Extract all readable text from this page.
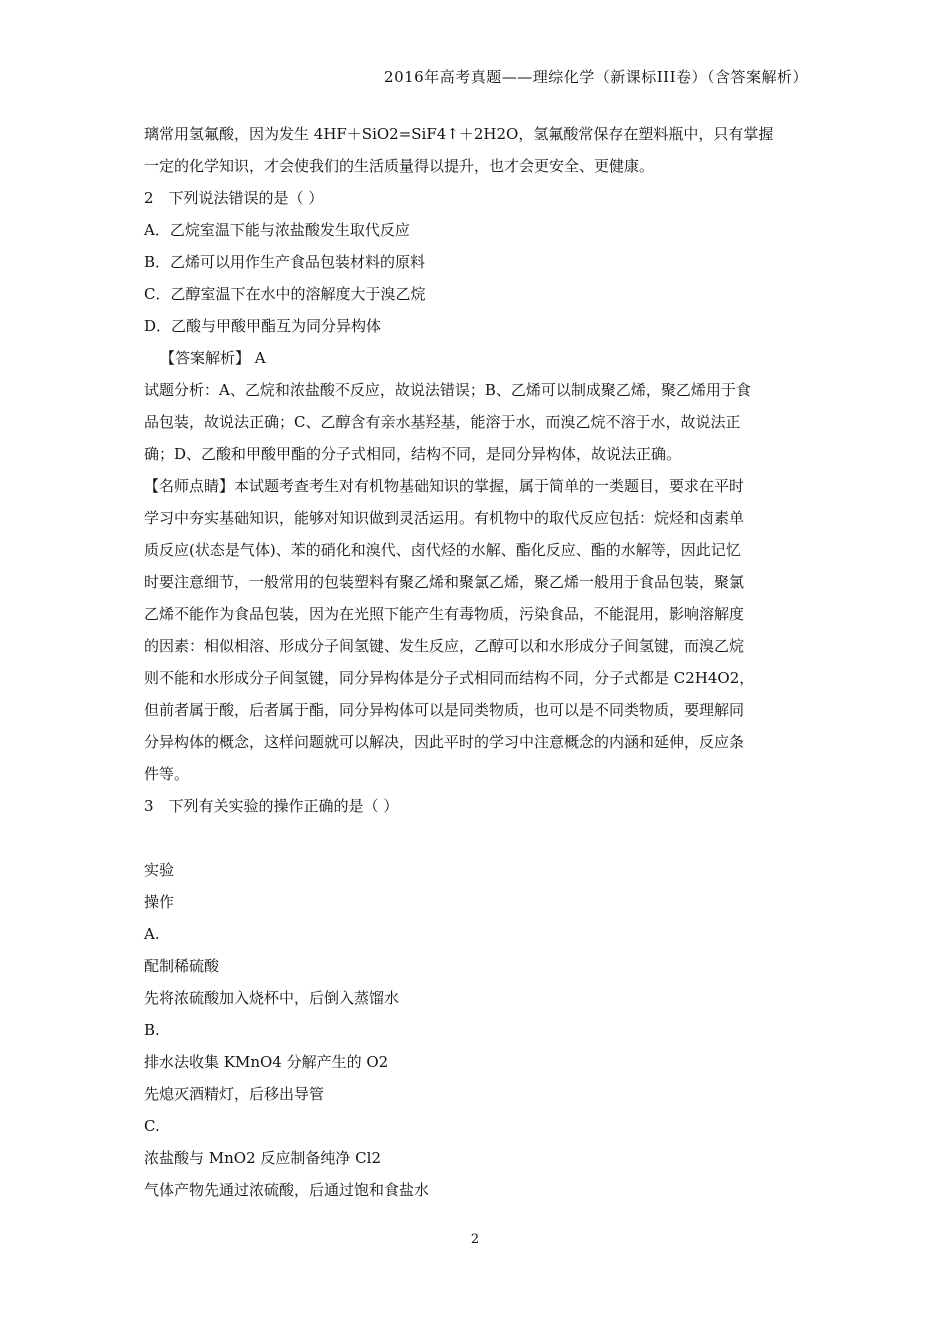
2016年高考真题——理综化学（新课标III卷）（含答案解析）

璃常用氢氟酸，因为发生 4HF＋SiO2=SiF4↑＋2H2O，氢氟酸常保存在塑料瓶中，只有掌握

一定的化学知识，才会使我们的生活质量得以提升，也才会更安全、更健康。

2　下列说法错误的是（ ）

A．乙烷室温下能与浓盐酸发生取代反应

B．乙烯可以用作生产食品包装材料的原料

C．乙醇室温下在水中的溶解度大于溴乙烷

D．乙酸与甲酸甲酯互为同分异构体

【答案解析】 A

试题分析：A、乙烷和浓盐酸不反应，故说法错误；B、乙烯可以制成聚乙烯，聚乙烯用于食

品包装，故说法正确；C、乙醇含有亲水基羟基，能溶于水，而溴乙烷不溶于水，故说法正

确；D、乙酸和甲酸甲酯的分子式相同，结构不同，是同分异构体，故说法正确。

【名师点睛】本试题考查考生对有机物基础知识的掌握，属于简单的一类题目，要求在平时

学习中夯实基础知识，能够对知识做到灵活运用。有机物中的取代反应包括：烷烃和卤素单

质反应(状态是气体)、苯的硝化和溴代、卤代烃的水解、酯化反应、酯的水解等，因此记忆

时要注意细节，一般常用的包装塑料有聚乙烯和聚氯乙烯，聚乙烯一般用于食品包装，聚氯

乙烯不能作为食品包装，因为在光照下能产生有毒物质，污染食品，不能混用，影响溶解度

的因素：相似相溶、形成分子间氢键、发生反应，乙醇可以和水形成分子间氢键，而溴乙烷

则不能和水形成分子间氢键，同分异构体是分子式相同而结构不同，分子式都是 C2H4O2，

但前者属于酸，后者属于酯，同分异构体可以是同类物质，也可以是不同类物质，要理解同

分异构体的概念，这样问题就可以解决，因此平时的学习中注意概念的内涵和延伸，反应条

件等。

3　下列有关实验的操作正确的是（ ）

实验

操作

A.

配制稀硫酸

先将浓硫酸加入烧杯中，后倒入蒸馏水

B.

排水法收集 KMnO4 分解产生的 O2

先熄灭酒精灯，后移出导管

C.

浓盐酸与 MnO2 反应制备纯净 Cl2

气体产物先通过浓硫酸，后通过饱和食盐水

2
